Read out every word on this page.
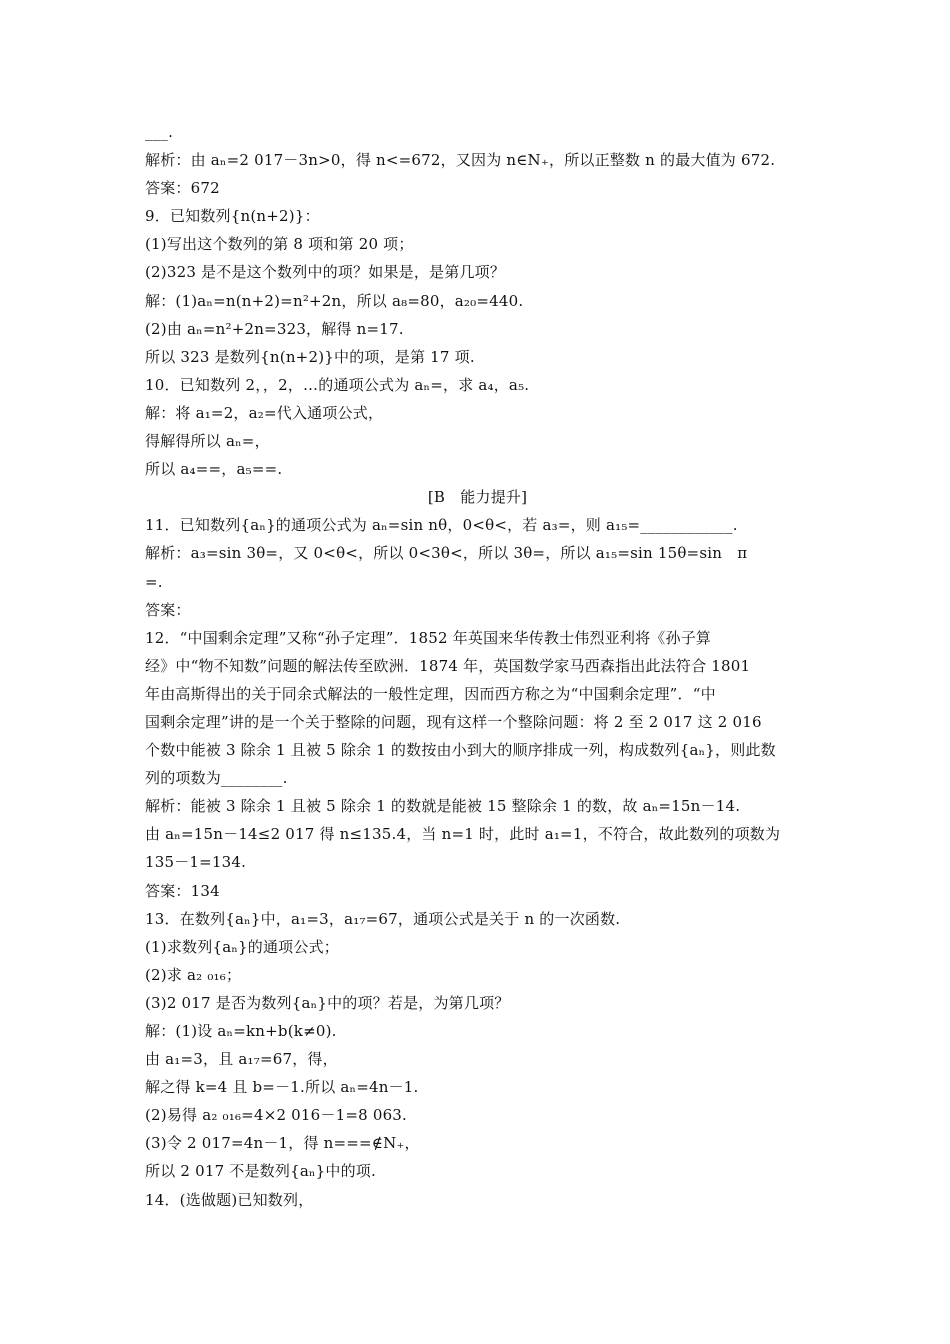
___.
解析：由 aₙ=2 017－3n>0，得 n<=672，又因为 n∈N₊，所以正整数 n 的最大值为 672.
答案：672
9．已知数列{n(n+2)}：
(1)写出这个数列的第 8 项和第 20 项；
(2)323 是不是这个数列中的项？如果是，是第几项？
解：(1)aₙ=n(n+2)=n²+2n，所以 a₈=80，a₂₀=440.
(2)由 aₙ=n²+2n=323，解得 n=17.
所以 323 是数列{n(n+2)}中的项，是第 17 项.
10．已知数列 2，，2，…的通项公式为 aₙ=，求 a₄，a₅.
解：将 a₁=2，a₂=代入通项公式，
得解得所以 aₙ=，
所以 a₄==，a₅==.
[B　能力提升]
11．已知数列{aₙ}的通项公式为 aₙ=sin nθ，0<θ<，若 a₃=，则 a₁₅=____________.
解析：a₃=sin 3θ=，又 0<θ<，所以 0<3θ<，所以 3θ=，所以 a₁₅=sin 15θ=sin　π
=.
答案：
12．“中国剩余定理”又称“孙子定理”．1852 年英国来华传教士伟烈亚利将《孙子算
经》中“物不知数”问题的解法传至欧洲．1874 年，英国数学家马西森指出此法符合 1801
年由高斯得出的关于同余式解法的一般性定理，因而西方称之为“中国剩余定理”．“中
国剩余定理”讲的是一个关于整除的问题，现有这样一个整除问题：将 2 至 2 017 这 2 016
个数中能被 3 除余 1 且被 5 除余 1 的数按由小到大的顺序排成一列，构成数列{aₙ}，则此数
列的项数为________.
解析：能被 3 除余 1 且被 5 除余 1 的数就是能被 15 整除余 1 的数，故 aₙ=15n－14.
由 aₙ=15n－14≤2 017 得 n≤135.4，当 n=1 时，此时 a₁=1，不符合，故此数列的项数为
135－1=134.
答案：134
13．在数列{aₙ}中，a₁=3，a₁₇=67，通项公式是关于 n 的一次函数.
(1)求数列{aₙ}的通项公式；
(2)求 a₂ ₀₁₆；
(3)2 017 是否为数列{aₙ}中的项？若是，为第几项？
解：(1)设 aₙ=kn+b(k≠0).
由 a₁=3，且 a₁₇=67，得，
解之得 k=4 且 b=－1.所以 aₙ=4n－1.
(2)易得 a₂ ₀₁₆=4×2 016－1=8 063.
(3)令 2 017=4n－1，得 n===∉N₊，
所以 2 017 不是数列{aₙ}中的项.
14．(选做题)已知数列，
